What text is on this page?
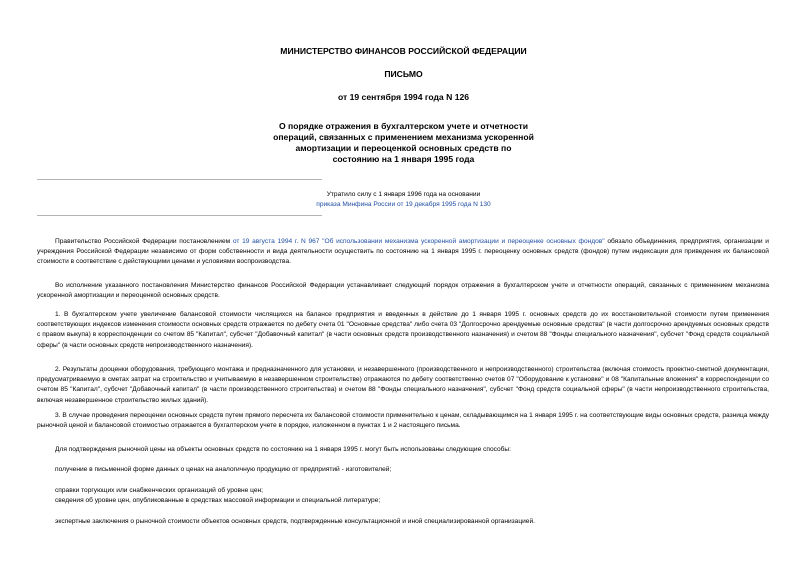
МИНИСТЕРСТВО ФИНАНСОВ РОССИЙСКОЙ ФЕДЕРАЦИИ
ПИСЬМО
от 19 сентября 1994 года N 126
О порядке отражения в бухгалтерском учете и отчетности
операций, связанных с применением механизма ускоренной
амортизации и переоценкой основных средств по
состоянию на 1 января 1995 года
Утратило силу с 1 января 1996 года на основании
приказа Минфина России от 19 декабря 1995 года N 130
Правительство Российской Федерации постановлением от 19 августа 1994 г. N 967 "Об использовании механизма ускоренной амортизации и переоценке основных фондов" обязало объединения, предприятия, организации и учреждения Российской Федерации независимо от форм собственности и вида деятельности осуществить по состоянию на 1 января 1995 г. переоценку основных средств (фондов) путем индексации для приведения их балансовой стоимости в соответствие с действующими ценами и условиями воспроизводства.
Во исполнение указанного постановления Министерство финансов Российской Федерации устанавливает следующий порядок отражения в бухгалтерском учете и отчетности операций, связанных с применением механизма ускоренной амортизации и переоценкой основных средств.
1. В бухгалтерском учете увеличение балансовой стоимости числящихся на балансе предприятия и введенных в действие до 1 января 1995 г. основных средств до их восстановительной стоимости путем применения соответствующих индексов изменения стоимости основных средств отражается по дебету счета 01 "Основные средства" либо счета 03 "Долгосрочно арендуемые основные средства" (в части долгосрочно арендуемых основных средств с правом выкупа) в корреспонденции со счетом 85 "Капитал", субсчет "Добавочный капитал" (в части основных средств производственного назначения) и счетом 88 "Фонды специального назначения", субсчет "Фонд средств социальной сферы" (в части основных средств непроизводственного назначения).
2. Результаты дооценки оборудования, требующего монтажа и предназначенного для установки, и незавершенного (производственного и непроизводственного) строительства (включая стоимость проектно-сметной документации, предусматриваемую в сметах затрат на строительство и учитываемую в незавершенном строительстве) отражаются по дебету соответственно счетов 07 "Оборудование к установке" и 08 "Капитальные вложения" в корреспонденции со счетом 85 "Капитал", субсчет "Добавочный капитал" (в части производственного строительства) и счетом 88 "Фонды специального назначения", субсчет "Фонд средств социальной сферы" (в части непроизводственного строительства, включая незавершенное строительство жилых зданий).
3. В случае проведения переоценки основных средств путем прямого пересчета их балансовой стоимости применительно к ценам, складывающимся на 1 января 1995 г. на соответствующие виды основных средств, разница между рыночной ценой и балансовой стоимостью отражается в бухгалтерском учете в порядке, изложенном в пунктах 1 и 2 настоящего письма.
Для подтверждения рыночной цены на объекты основных средств по состоянию на 1 января 1995 г. могут быть использованы следующие способы:
получение в письменной форме данных о ценах на аналогичную продукцию от предприятий - изготовителей;
справки торгующих или снабженческих организаций об уровне цен;
сведения об уровне цен, опубликованные в средствах массовой информации и специальной литературе;
экспертные заключения о рыночной стоимости объектов основных средств, подтвержденные консультационной и иной специализированной организацией.
